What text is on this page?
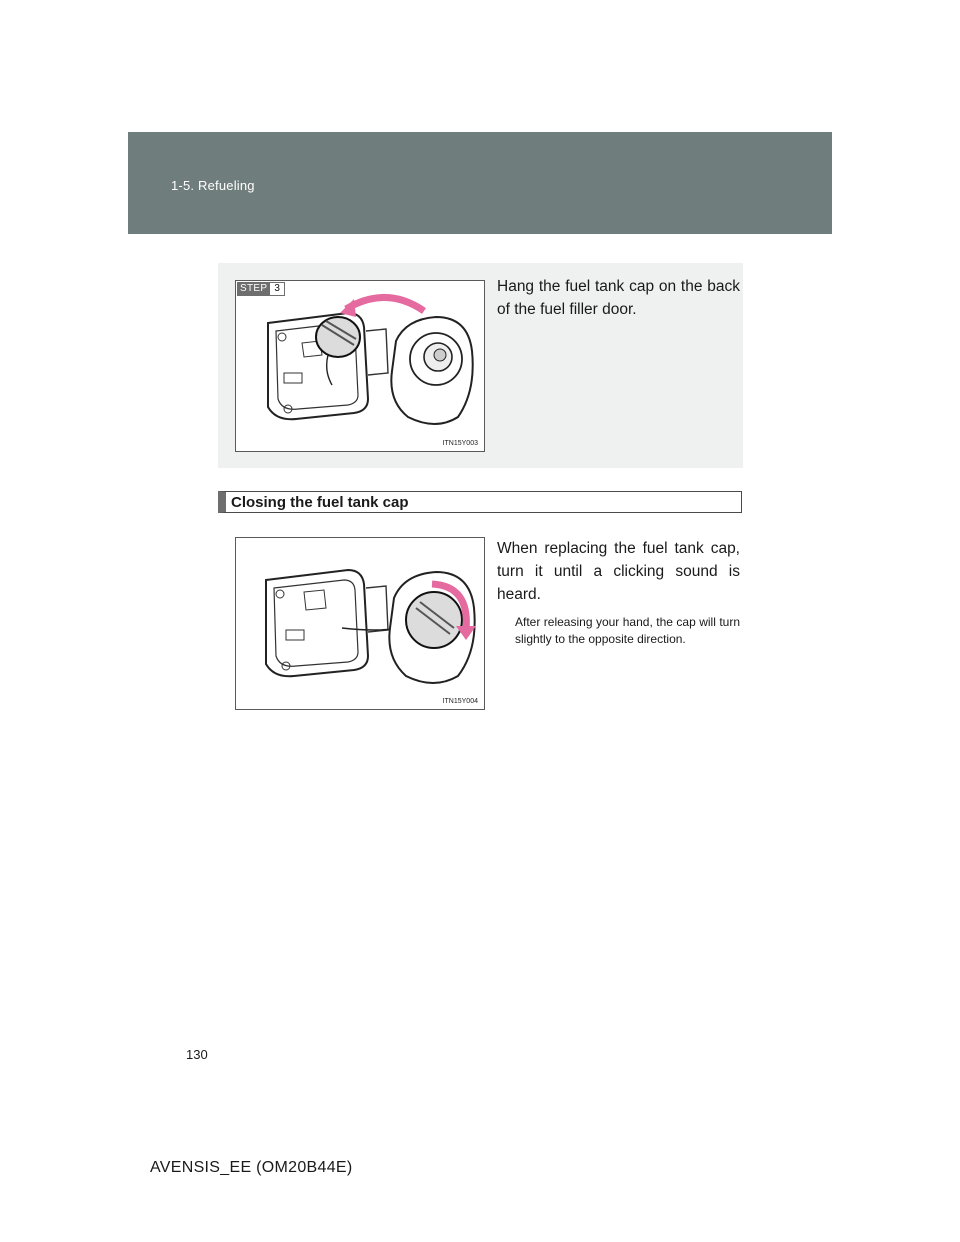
1-5. Refueling
ITN15Y003
STEP 3	Hang the fuel tank cap on the back of the fuel filler door.
Closing the fuel tank cap
ITN15Y004
When replacing the fuel tank cap, turn it until a clicking sound is heard.
After releasing your hand, the cap will turn slightly to the opposite direction.
130
AVENSIS_EE (OM20B44E)
